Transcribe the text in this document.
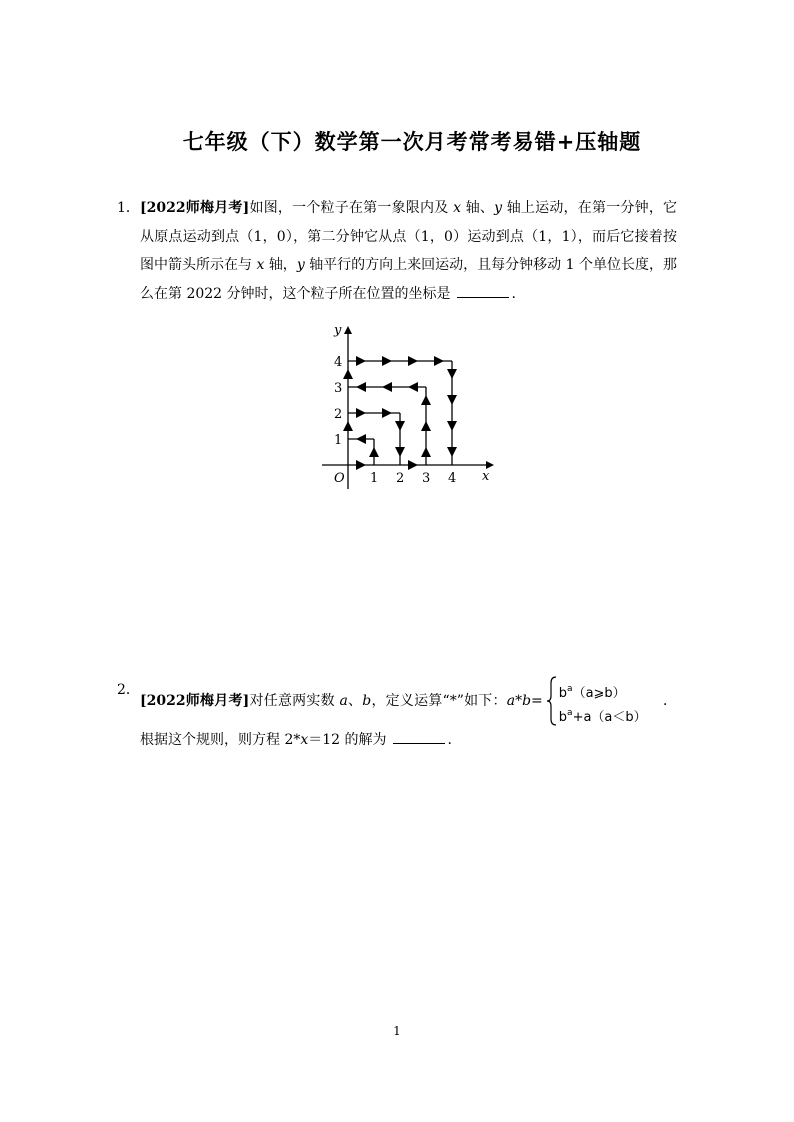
七年级（下）数学第一次月考常考易错+压轴题
1． [2022师梅月考]如图，一个粒子在第一象限内及 x 轴、y 轴上运动，在第一分钟，它从原点运动到点（1，0），第二分钟它从点（1，0）运动到点（1，1），而后它接着按图中箭头所示在与 x 轴，y 轴平行的方向上来回运动，且每分钟移动 1 个单位长度，那么在第 2022 分钟时，这个粒子所在位置的坐标是	.
y
x
O 1 2 3 4
1
2
3
4
2．
[2022师梅月考]对任意两实数 a、b，定义运算“*”如下：$a*b= b^a(a⩾b)$
$b^a+a(a<b)$
．根据这个规则，则方程 2*x＝12 的解为	.
1
